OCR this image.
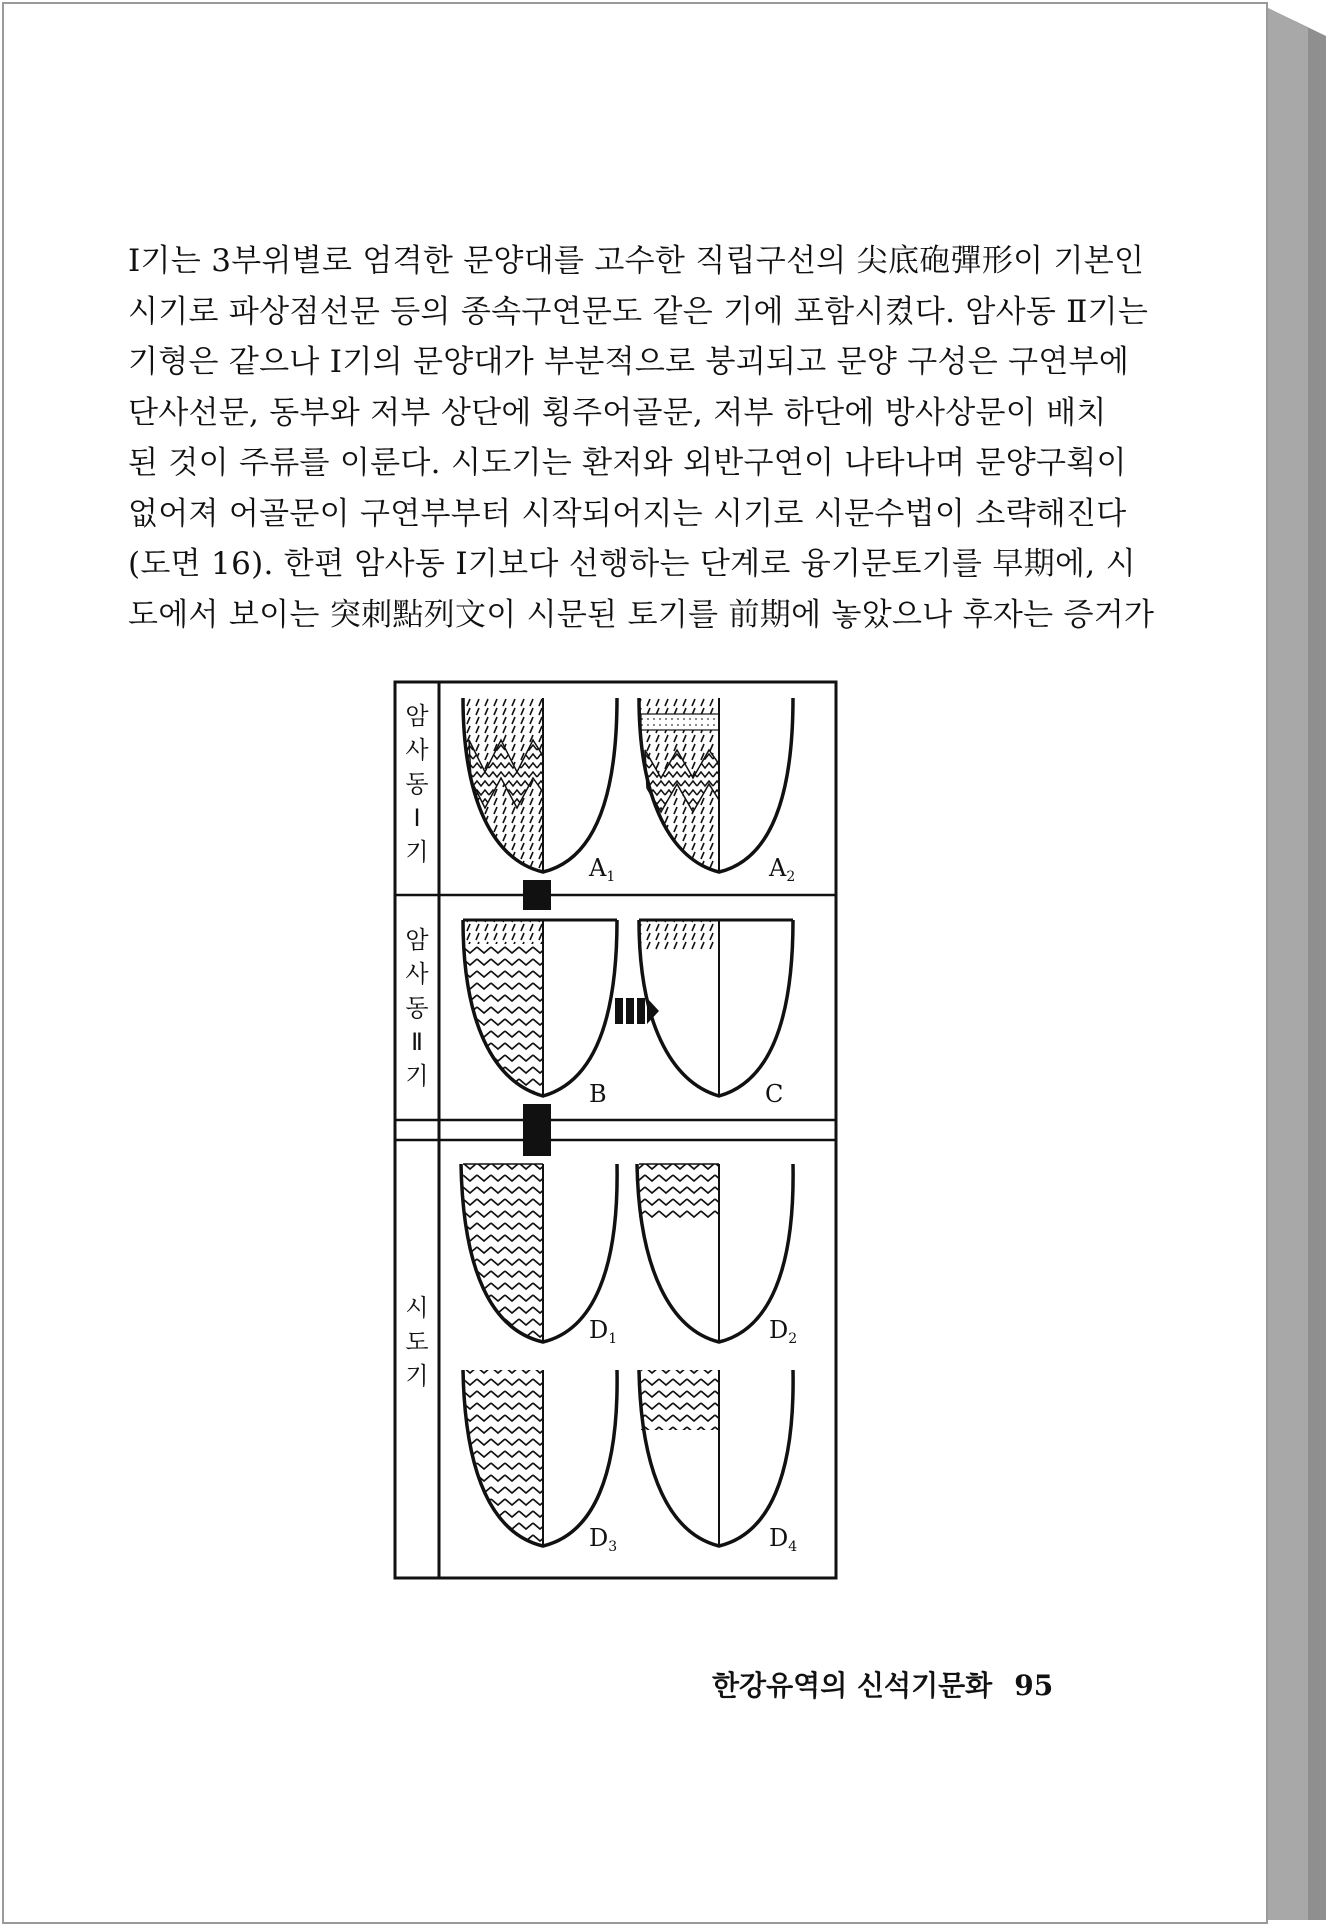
Ⅰ기는 3부위별로 엄격한 문양대를 고수한 직립구선의 尖底砲彈形이 기본인
시기로 파상점선문 등의 종속구연문도 같은 기에 포함시켰다. 암사동 Ⅱ기는
기형은 같으나 Ⅰ기의 문양대가 부분적으로 붕괴되고 문양 구성은 구연부에
단사선문, 동부와 저부 상단에 횡주어골문, 저부 하단에 방사상문이 배치
된 것이 주류를 이룬다. 시도기는 환저와 외반구연이 나타나며 문양구획이
없어져 어골문이 구연부부터 시작되어지는 시기로 시문수법이 소략해진다
(도면 16). 한편 암사동 Ⅰ기보다 선행하는 단계로 융기문토기를 早期에, 시
도에서 보이는 突刺點列文이 시문된 토기를 前期에 놓았으나 후자는 증거가
암
사
동
Ⅰ
기
암
사
동
Ⅱ
기
시
도
기
$A_1$	$A_2$
B	C
$D_1$	$D_2$
$D_3$	$D_4$
한강유역의 신석기문화 95
